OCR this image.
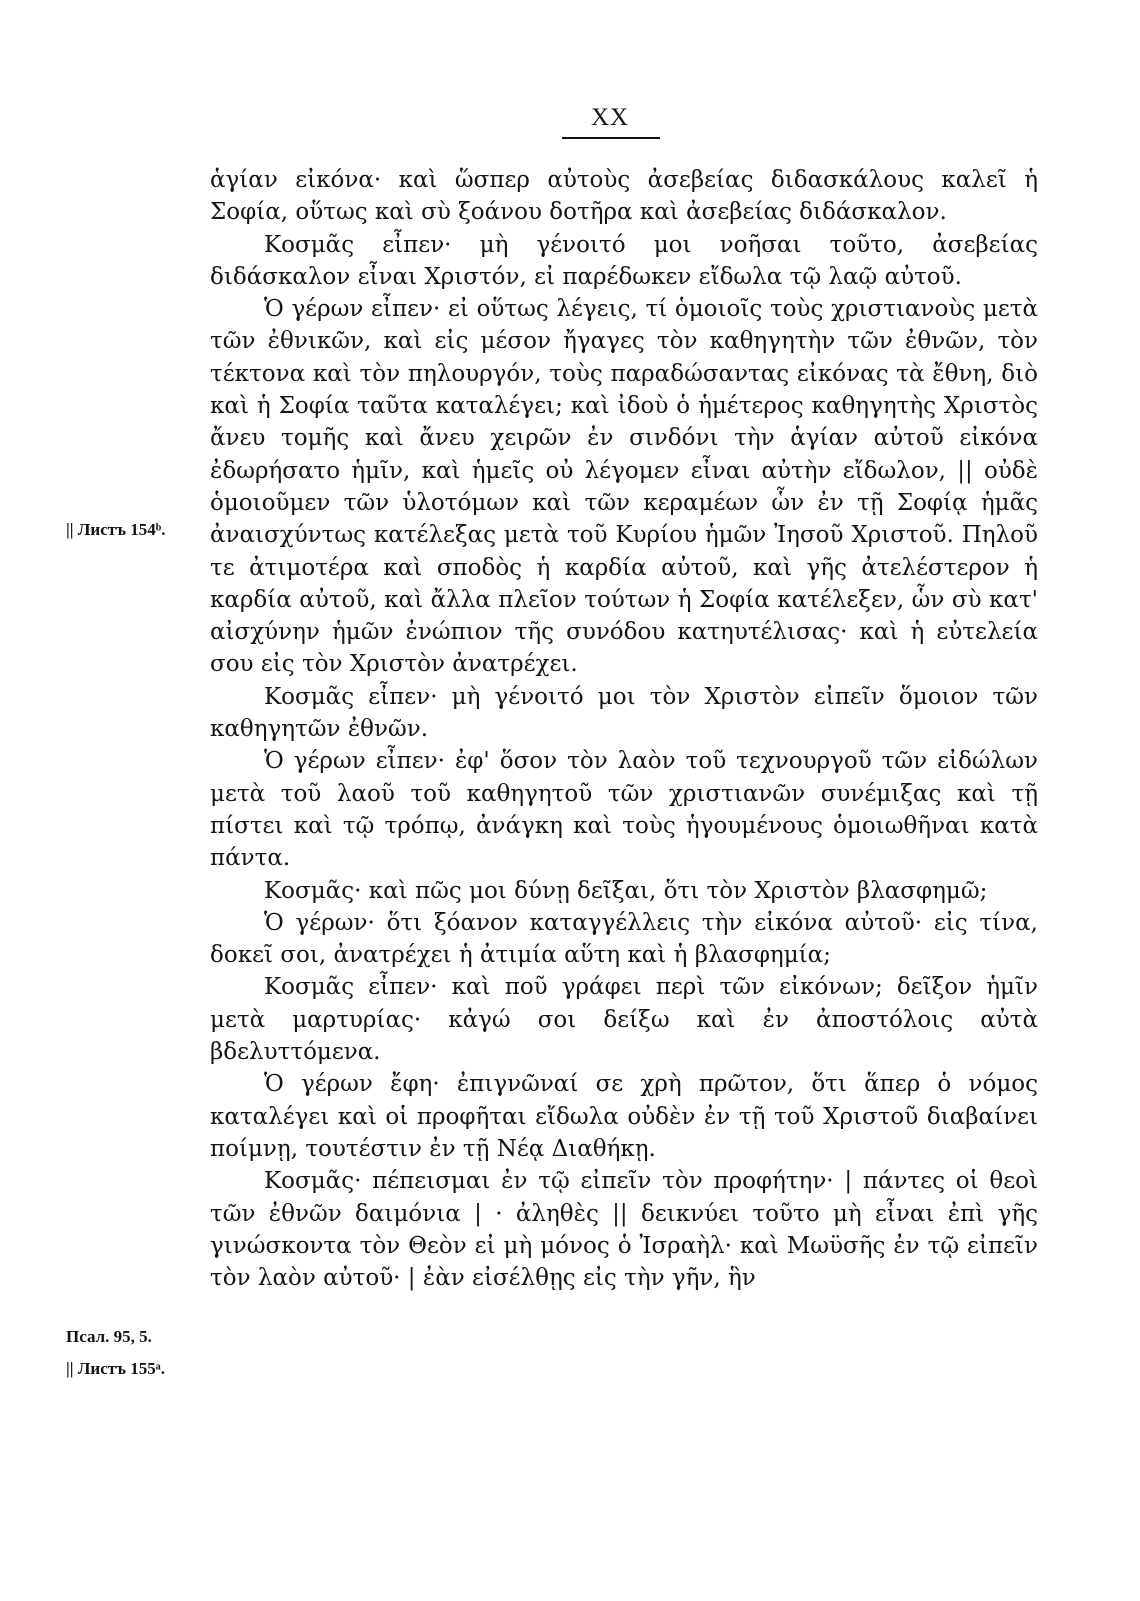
XX

ἁγίαν εἰκόνα· καὶ ὥσπερ αὐτοὺς ἀσεβείας διδασκάλους καλεῖ ἡ Σοφία, οὕτως καὶ σὺ ξοάνου δοτῆρα καὶ ἀσεβείας διδάσκαλον.

Κοσμᾶς εἶπεν· μὴ γένοιτό μοι νοῆσαι τοῦτο, ἀσεβείας διδάσκαλον εἶναι Χριστόν, εἰ παρέδωκεν εἴδωλα τῷ λαῷ αὐτοῦ.

Ὁ γέρων εἶπεν· εἰ οὕτως λέγεις, τί ὁμοιοῖς τοὺς χριστιανοὺς μετὰ τῶν ἐθνικῶν, καὶ εἰς μέσον ἤγαγες τὸν καθηγητὴν τῶν ἐθνῶν, τὸν τέκτονα καὶ τὸν πηλουργόν, τοὺς παραδώσαντας εἰκόνας τὰ ἔθνη, διὸ καὶ ἡ Σοφία ταῦτα καταλέγει; καὶ ἰδοὺ ὁ ἡμέτερος καθηγητὴς Χριστὸς ἄνευ τομῆς καὶ ἄνευ χειρῶν ἐν σινδόνι τὴν ἁγίαν αὐτοῦ εἰκόνα ἐδωρήσατο ἡμῖν, καὶ ἡμεῖς οὐ λέγομεν εἶναι αὐτὴν εἴδωλον, || οὐδὲ ὁμοιοῦμεν τῶν ὑλοτόμων καὶ τῶν κεραμέων ὧν ἐν τῇ Σοφίᾳ ἡμᾶς ἀναισχύντως κατέλεξας μετὰ τοῦ Κυρίου ἡμῶν Ἰησοῦ Χριστοῦ. Πηλοῦ τε ἀτιμοτέρα καὶ σποδὸς ἡ καρδία αὐτοῦ, καὶ γῆς ἀτελέστερον ἡ καρδία αὐτοῦ, καὶ ἄλλα πλεῖον τούτων ἡ Σοφία κατέλεξεν, ὧν σὺ κατ' αἰσχύνην ἡμῶν ἐνώπιον τῆς συνόδου κατηυτέλισας· καὶ ἡ εὐτελεία σου εἰς τὸν Χριστὸν ἀνατρέχει.

Κοσμᾶς εἶπεν· μὴ γένοιτό μοι τὸν Χριστὸν εἰπεῖν ὅμοιον τῶν καθηγητῶν ἐθνῶν.

Ὁ γέρων εἶπεν· ἐφ' ὅσον τὸν λαὸν τοῦ τεχνουργοῦ τῶν εἰδώλων μετὰ τοῦ λαοῦ τοῦ καθηγητοῦ τῶν χριστιανῶν συνέμιξας καὶ τῇ πίστει καὶ τῷ τρόπῳ, ἀνάγκη καὶ τοὺς ἡγουμένους ὁμοιωθῆναι κατὰ πάντα.

Κοσμᾶς· καὶ πῶς μοι δύνῃ δεῖξαι, ὅτι τὸν Χριστὸν βλασφημῶ;

Ὁ γέρων· ὅτι ξόανον καταγγέλλεις τὴν εἰκόνα αὐτοῦ· εἰς τίνα, δοκεῖ σοι, ἀνατρέχει ἡ ἀτιμία αὕτη καὶ ἡ βλασφημία;

Κοσμᾶς εἶπεν· καὶ ποῦ γράφει περὶ τῶν εἰκόνων; δεῖξον ἡμῖν μετὰ μαρτυρίας· κἀγώ σοι δείξω καὶ ἐν ἀποστόλοις αὐτὰ βδελυττόμενα.

Ὁ γέρων ἔφη· ἐπιγνῶναί σε χρὴ πρῶτον, ὅτι ἅπερ ὁ νόμος καταλέγει καὶ οἱ προφῆται εἴδωλα οὐδὲν ἐν τῇ τοῦ Χριστοῦ διαβαίνει ποίμνῃ, τουτέστιν ἐν τῇ Νέᾳ Διαθήκῃ.

Κοσμᾶς· πέπεισμαι ἐν τῷ εἰπεῖν τὸν προφήτην· | πάντες οἱ θεοὶ τῶν ἐθνῶν δαιμόνια | · ἀληθὲς || δεικνύει τοῦτο μὴ εἶναι ἐπὶ γῆς γινώσκοντα τὸν Θεὸν εἰ μὴ μόνος ὁ Ἰσραὴλ· καὶ Μωϋσῆς ἐν τῷ εἰπεῖν τὸν λαὸν αὐτοῦ· | ἐὰν εἰσέλθῃς εἰς τὴν γῆν, ἣν

|| Листъ 154ᵇ.
Псал. 95, 5.
|| Листъ 155ᵃ.
